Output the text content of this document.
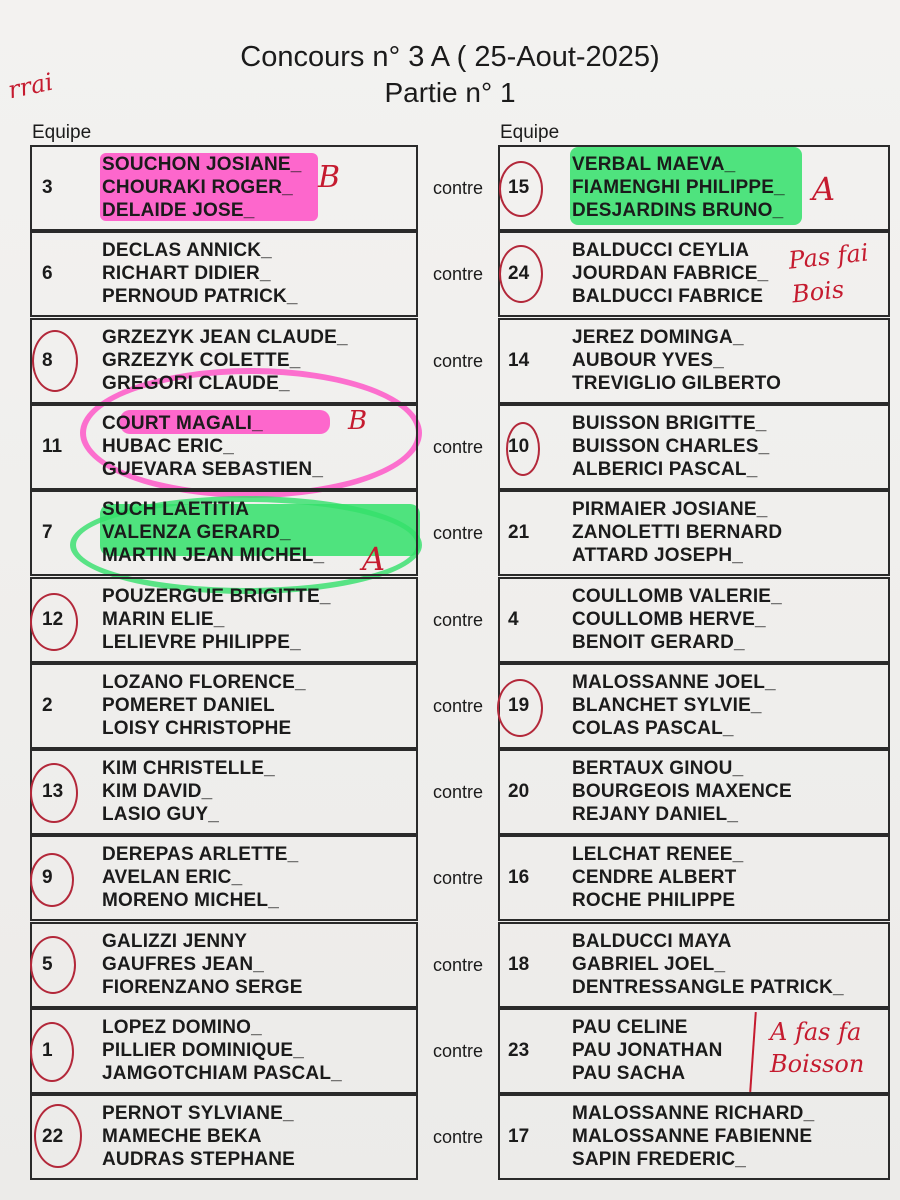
Concours n° 3 A ( 25-Aout-2025)
Partie n° 1
Equipe	Equipe
3
SOUCHON JOSIANE_
CHOURAKI ROGER_
DELAIDE JOSE_
contre 15
VERBAL MAEVA_
FIAMENGHI PHILIPPE_
DESJARDINS BRUNO_
6
DECLAS ANNICK_
RICHART DIDIER_
PERNOUD PATRICK_
contre 24
BALDUCCI CEYLIA
JOURDAN FABRICE_
BALDUCCI FABRICE
8
GRZEZYK JEAN CLAUDE_
GRZEZYK COLETTE_
GREGORI CLAUDE_
contre 14
JEREZ DOMINGA_
AUBOUR YVES_
TREVIGLIO GILBERTO
11
COURT MAGALI_
HUBAC ERIC_
GUEVARA SEBASTIEN_
contre 10
BUISSON BRIGITTE_
BUISSON CHARLES_
ALBERICI PASCAL_
7
SUCH LAETITIA
VALENZA GERARD_
MARTIN JEAN MICHEL_
contre 21
PIRMAIER JOSIANE_
ZANOLETTI BERNARD
ATTARD JOSEPH_
12
POUZERGUE BRIGITTE_
MARIN ELIE_
LELIEVRE PHILIPPE_
contre 4
COULLOMB VALERIE_
COULLOMB HERVE_
BENOIT GERARD_
2
LOZANO FLORENCE_
POMERET DANIEL
LOISY CHRISTOPHE
contre 19
MALOSSANNE JOEL_
BLANCHET SYLVIE_
COLAS PASCAL_
13
KIM CHRISTELLE_
KIM DAVID_
LASIO GUY_
contre 20
BERTAUX GINOU_
BOURGEOIS MAXENCE
REJANY DANIEL_
9
DEREPAS ARLETTE_
AVELAN ERIC_
MORENO MICHEL_
contre 16
LELCHAT RENEE_
CENDRE ALBERT
ROCHE PHILIPPE
5
GALIZZI JENNY
GAUFRES JEAN_
FIORENZANO SERGE
contre 18
BALDUCCI MAYA
GABRIEL JOEL_
DENTRESSANGLE PATRICK_
1
LOPEZ DOMINO_
PILLIER DOMINIQUE_
JAMGOTCHIAM PASCAL_
contre 23
PAU CELINE
PAU JONATHAN
PAU SACHA
22
PERNOT SYLVIANE_
MAMECHE BEKA
AUDRAS STEPHANE
contre 17
MALOSSANNE RICHARD_
MALOSSANNE FABIENNE
SAPIN FREDERIC_
rrai
B	A
Pas fai Bois
B
A
A fas fa Boisson
